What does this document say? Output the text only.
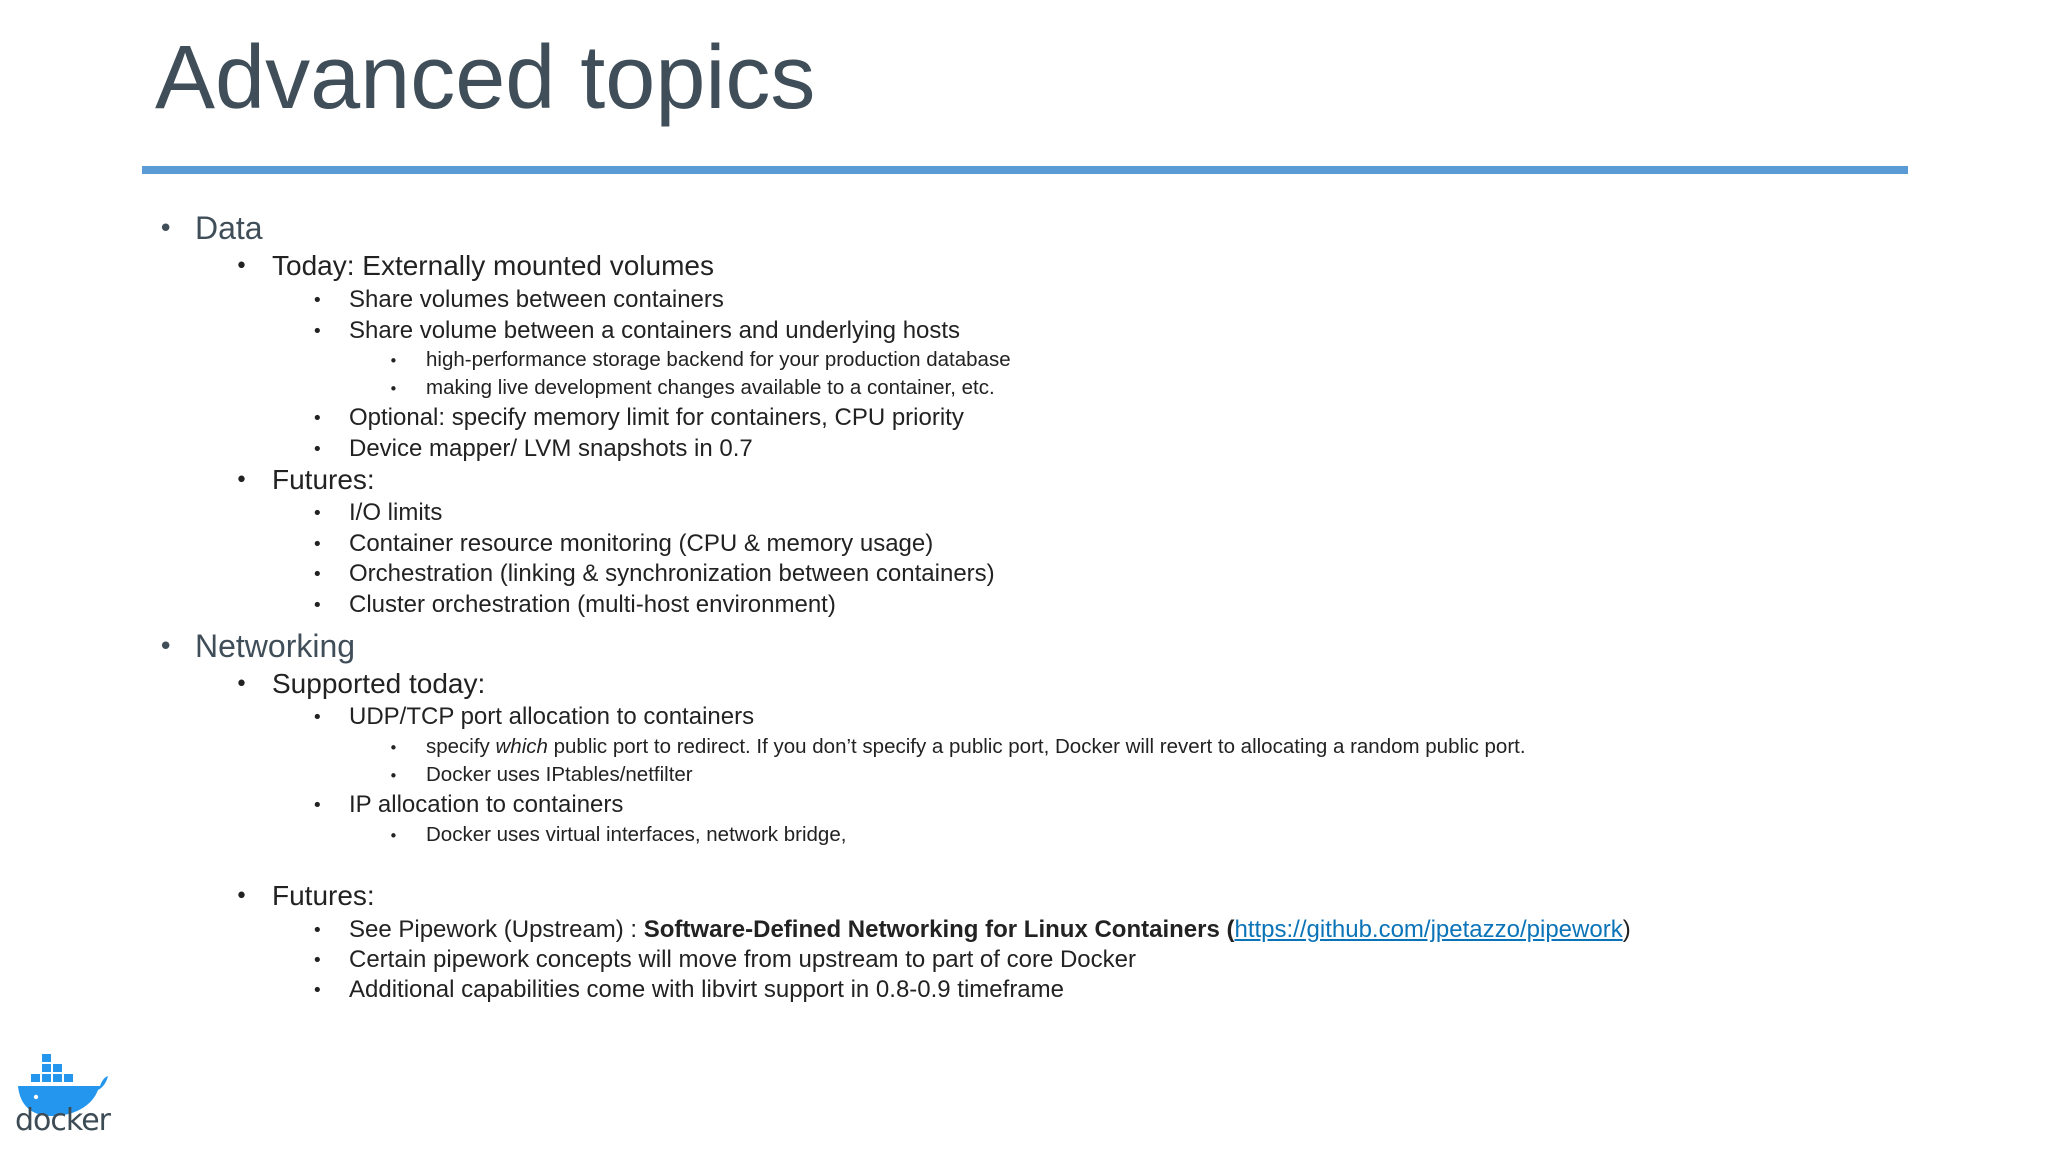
Advanced topics
• Data
• Today: Externally mounted volumes
• Share volumes between containers
• Share volume between a containers and underlying hosts
• high-performance storage backend for your production database
• making live development changes available to a container, etc.
• Optional: specify memory limit for containers, CPU priority
• Device mapper/ LVM snapshots in 0.7
• Futures:
• I/O limits
• Container resource monitoring (CPU & memory usage)
• Orchestration (linking & synchronization between containers)
• Cluster orchestration (multi-host environment)
• Networking
• Supported today:
• UDP/TCP port allocation to containers
• specify which public port to redirect. If you don’t specify a public port, Docker will revert to allocating a random public port.
• Docker uses IPtables/netfilter
• IP allocation to containers
• Docker uses virtual interfaces, network bridge,
• Futures:
• See Pipework (Upstream) : Software-Defined Networking for Linux Containers (https://github.com/jpetazzo/pipework)
• Certain pipework concepts will move from upstream to part of core Docker
• Additional capabilities come with libvirt support in 0.8-0.9 timeframe
docker
